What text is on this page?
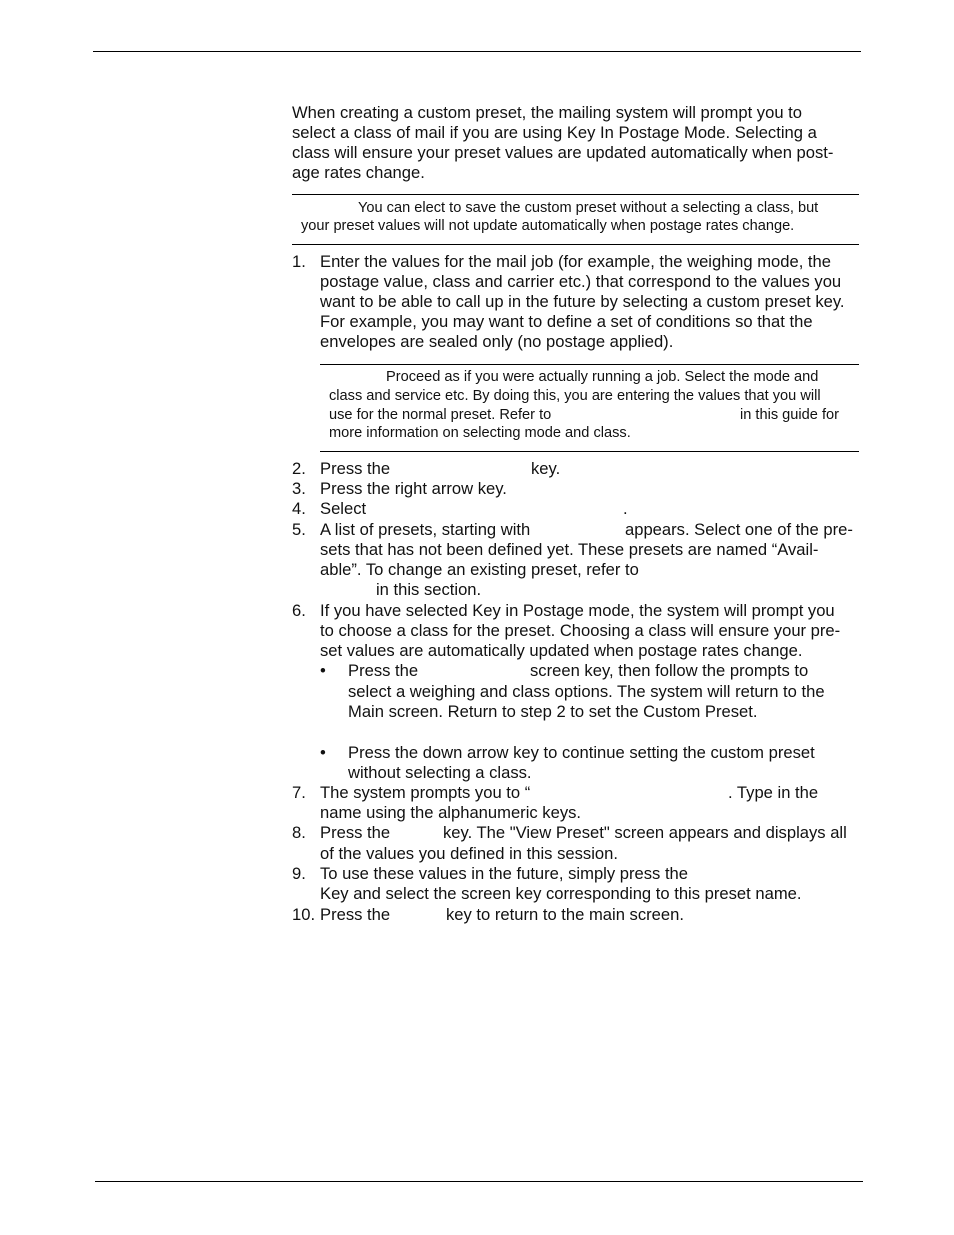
When creating a custom preset, the mailing system will prompt you to
select a class of mail if you are using Key In Postage Mode. Selecting a
class will ensure your preset values are updated automatically when post-
age rates change.
You can elect to save the custom preset without a selecting a class, but
your preset values will not update automatically when postage rates change.
1. Enter the values for the mail job (for example, the weighing mode, the
postage value, class and carrier etc.) that correspond to the values you
want to be able to call up in the future by selecting a custom preset key.
For example, you may want to define a set of conditions so that the
envelopes are sealed only (no postage applied).
Proceed as if you were actually running a job. Select the mode and
class and service etc. By doing this, you are entering the values that you will
use for the normal preset. Refer to	in this guide for
more information on selecting mode and class.
2. Press the	key.
3. Press the right arrow key.
4. Select	.
5. A list of presets, starting with	appears. Select one of the pre-
sets that has not been defined yet. These presets are named “Avail-
able”. To change an existing preset, refer to
in this section.
6. If you have selected Key in Postage mode, the system will prompt you
to choose a class for the preset. Choosing a class will ensure your pre-
set values are automatically updated when postage rates change.
• Press the	screen key, then follow the prompts to
select a weighing and class options. The system will return to the
Main screen. Return to step 2 to set the Custom Preset.
• Press the down arrow key to continue setting the custom preset
without selecting a class.
7. The system prompts you to “	. Type in the
name using the alphanumeric keys.
8. Press the	key. The "View Preset" screen appears and displays all
of the values you defined in this session.
9. To use these values in the future, simply press the
Key and select the screen key corresponding to this preset name.
10. Press the	key to return to the main screen.
